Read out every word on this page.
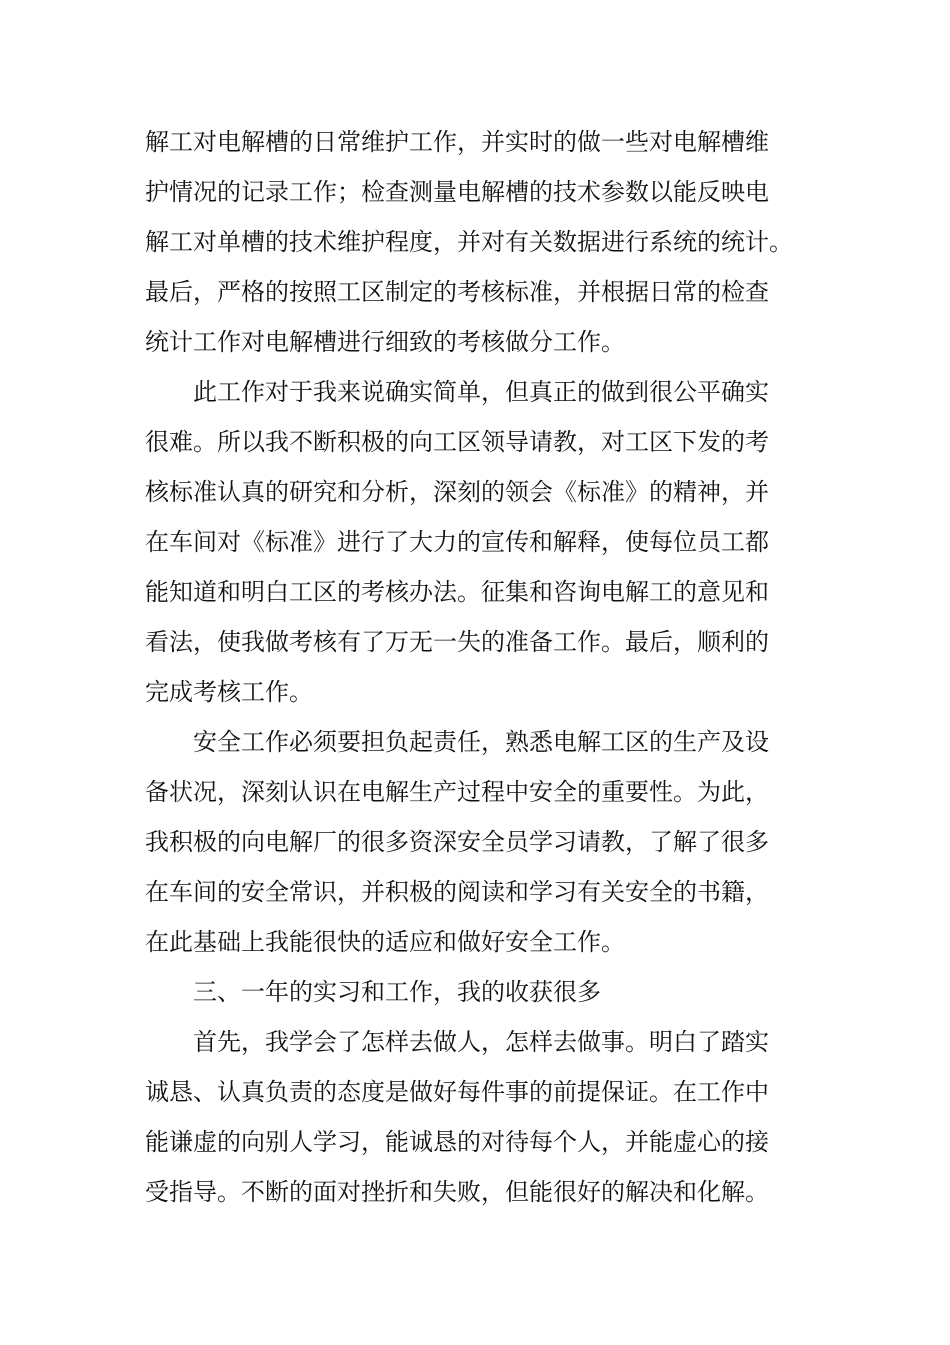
解工对电解槽的日常维护工作，并实时的做一些对电解槽维

护情况的记录工作；检查测量电解槽的技术参数以能反映电

解工对单槽的技术维护程度，并对有关数据进行系统的统计。

最后，严格的按照工区制定的考核标准，并根据日常的检查

统计工作对电解槽进行细致的考核做分工作。

此工作对于我来说确实简单，但真正的做到很公平确实

很难。所以我不断积极的向工区领导请教，对工区下发的考

核标准认真的研究和分析，深刻的领会《标准》的精神，并

在车间对《标准》进行了大力的宣传和解释，使每位员工都

能知道和明白工区的考核办法。征集和咨询电解工的意见和

看法，使我做考核有了万无一失的准备工作。最后，顺利的

完成考核工作。

安全工作必须要担负起责任，熟悉电解工区的生产及设

备状况，深刻认识在电解生产过程中安全的重要性。为此，

我积极的向电解厂的很多资深安全员学习请教，了解了很多

在车间的安全常识，并积极的阅读和学习有关安全的书籍，

在此基础上我能很快的适应和做好安全工作。

三、一年的实习和工作，我的收获很多

首先，我学会了怎样去做人，怎样去做事。明白了踏实

诚恳、认真负责的态度是做好每件事的前提保证。在工作中

能谦虚的向别人学习，能诚恳的对待每个人，并能虚心的接

受指导。不断的面对挫折和失败，但能很好的解决和化解。
